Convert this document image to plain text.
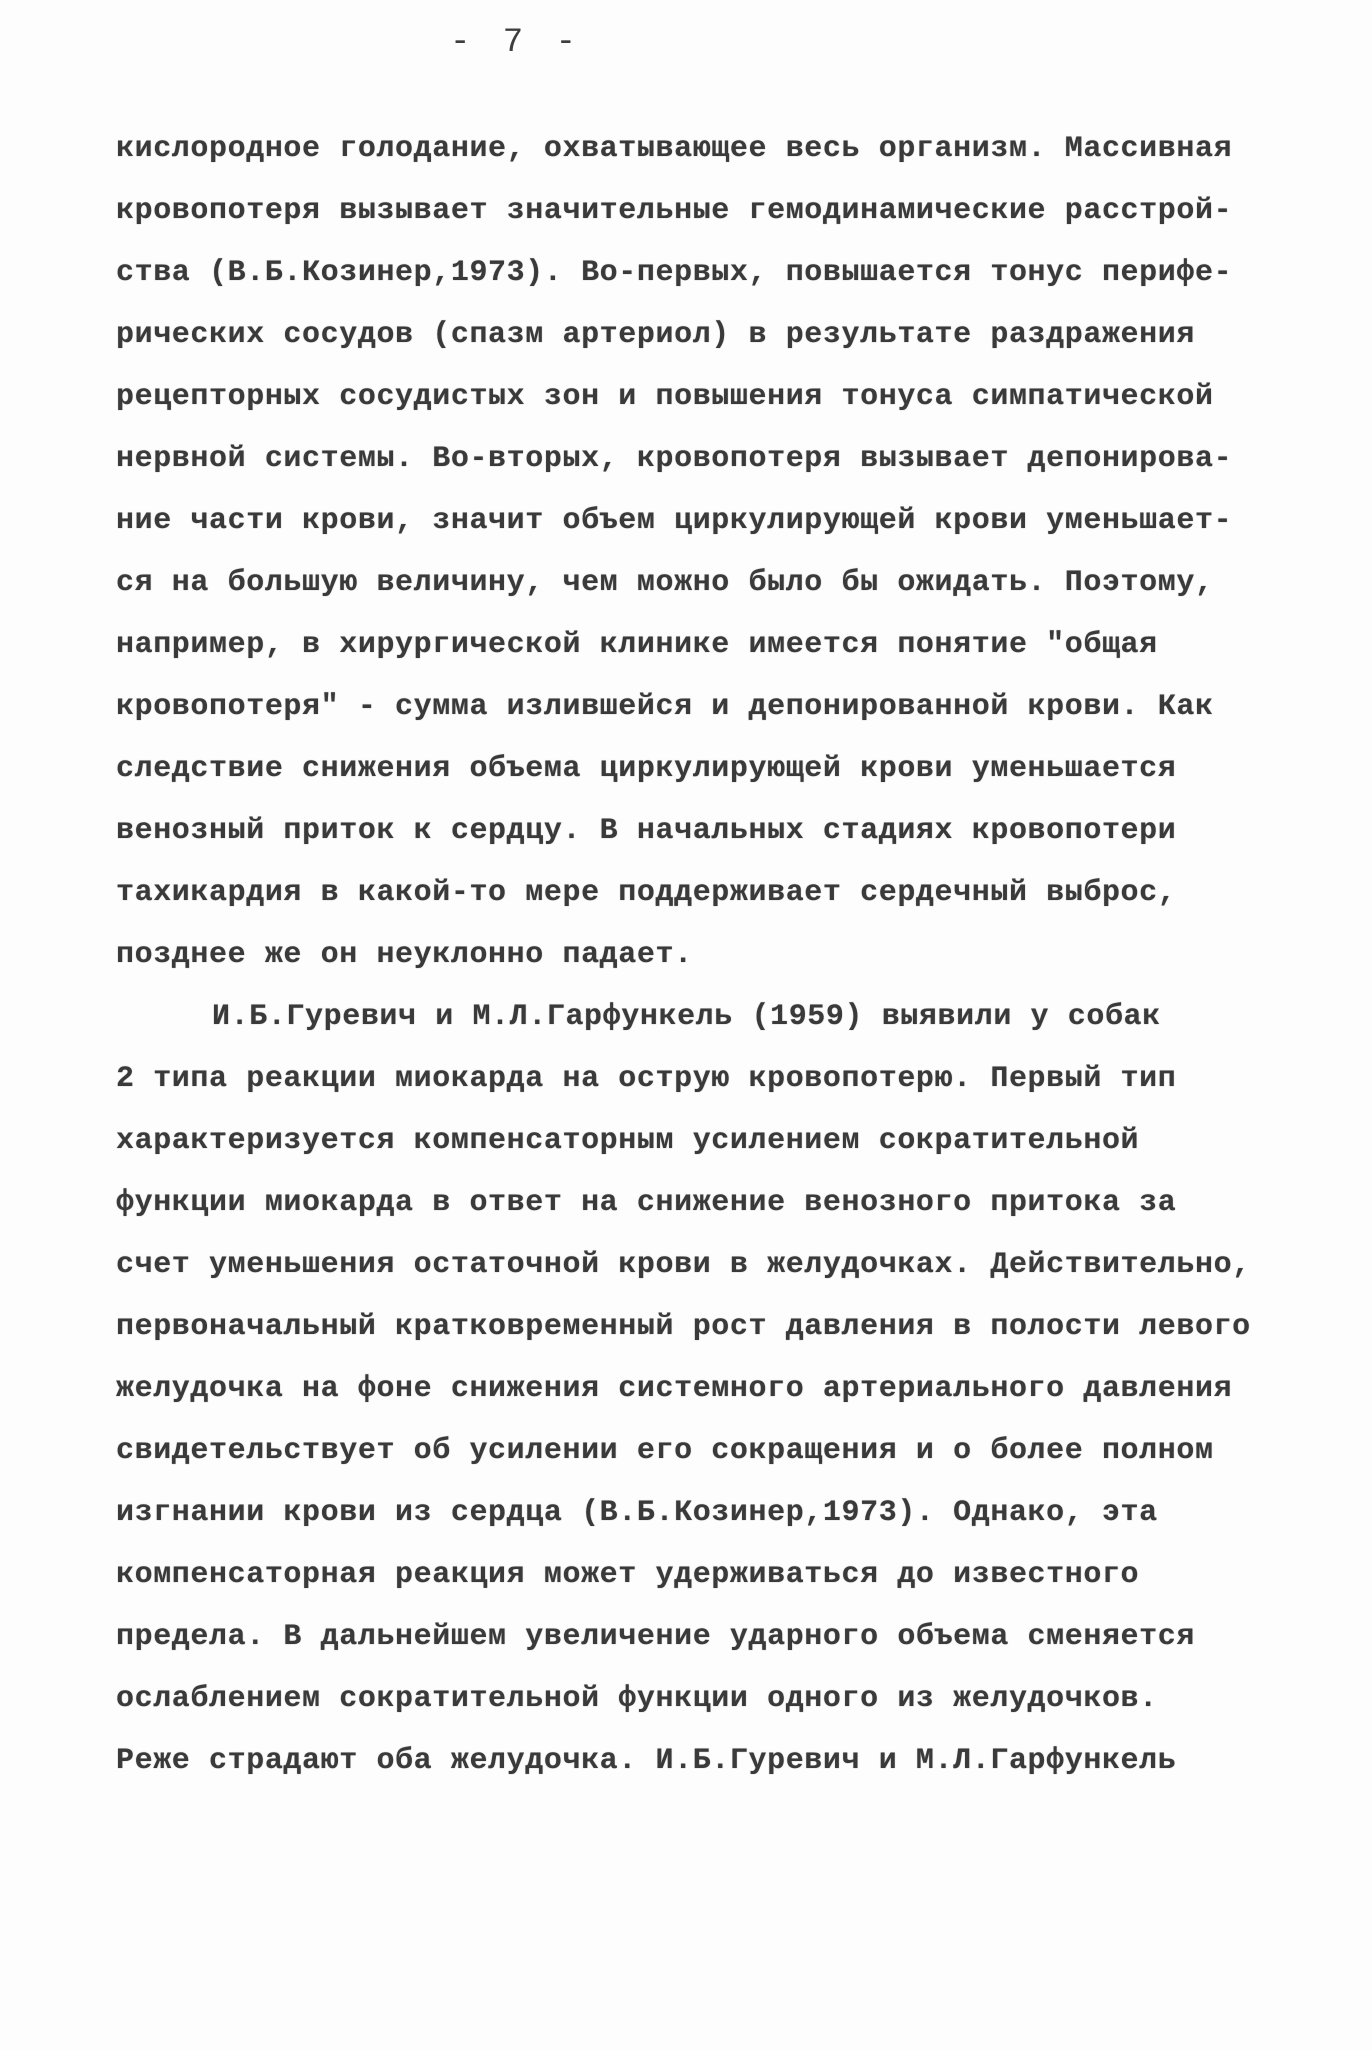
- 7 -
кислородное голодание, охватывающее весь организм. Массивная
кровопотеря вызывает значительные гемодинамические расстрой-
ства (В.Б.Козинер,1973). Во-первых, повышается тонус перифе-
рических сосудов (спазм артериол) в результате раздражения
рецепторных сосудистых зон и повышения тонуса симпатической
нервной системы. Во-вторых, кровопотеря вызывает депонирова-
ние части крови, значит объем циркулирующей крови уменьшает-
ся на большую величину, чем можно было бы ожидать. Поэтому,
например, в хирургической клинике имеется понятие "общая
кровопотеря" - сумма излившейся и депонированной крови. Как
следствие снижения объема циркулирующей крови уменьшается
венозный приток к сердцу. В начальных стадиях кровопотери
тахикардия в какой-то мере поддерживает сердечный выброс,
позднее же он неуклонно падает.
И.Б.Гуревич и М.Л.Гарфункель (1959) выявили у собак
2 типа реакции миокарда на острую кровопотерю. Первый тип
характеризуется компенсаторным усилением сократительной
функции миокарда в ответ на снижение венозного притока за
счет уменьшения остаточной крови в желудочках. Действительно,
первоначальный кратковременный рост давления в полости левого
желудочка на фоне снижения системного артериального давления
свидетельствует об усилении его сокращения и о более полном
изгнании крови из сердца (В.Б.Козинер,1973). Однако, эта
компенсаторная реакция может удерживаться до известного
предела. В дальнейшем увеличение ударного объема сменяется
ослаблением сократительной функции одного из желудочков.
Реже страдают оба желудочка. И.Б.Гуревич и М.Л.Гарфункель
